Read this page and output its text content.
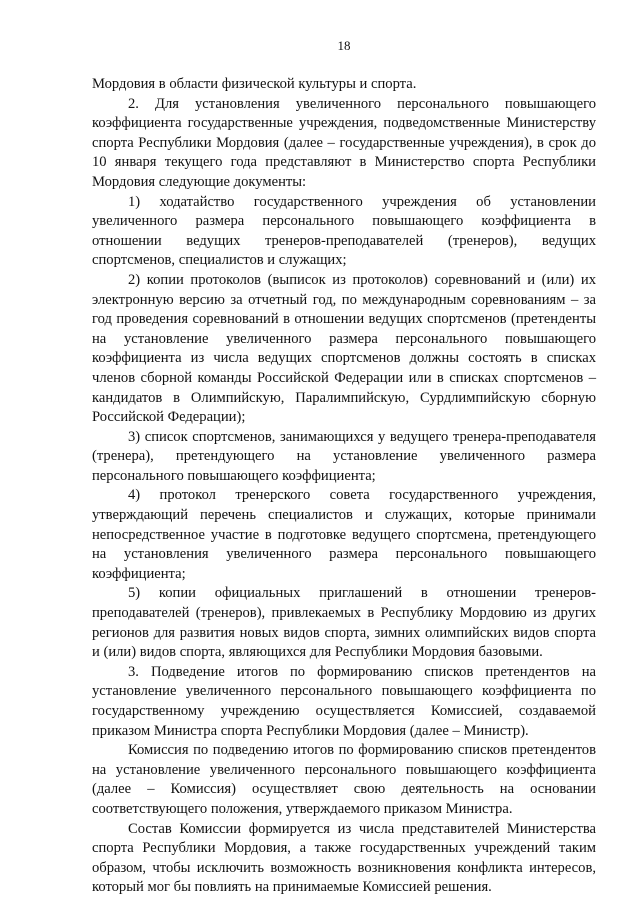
18

Мордовия в области физической культуры и спорта.

2. Для установления увеличенного персонального повышающего коэффициента государственные учреждения, подведомственные Министерству спорта Республики Мордовия (далее – государственные учреждения), в срок до 10 января текущего года представляют в Министерство спорта Республики Мордовия следующие документы:

1) ходатайство государственного учреждения об установлении увеличенного размера персонального повышающего коэффициента в отношении ведущих тренеров-преподавателей (тренеров), ведущих спортсменов, специалистов и служащих;

2) копии протоколов (выписок из протоколов) соревнований и (или) их электронную версию за отчетный год, по международным соревнованиям – за год проведения соревнований в отношении ведущих спортсменов (претенденты на установление увеличенного размера персонального повышающего коэффициента из числа ведущих спортсменов должны состоять в списках членов сборной команды Российской Федерации или в списках спортсменов – кандидатов в Олимпийскую, Паралимпийскую, Сурдлимпийскую сборную Российской Федерации);

3) список спортсменов, занимающихся у ведущего тренера-преподавателя (тренера), претендующего на установление увеличенного размера персонального повышающего коэффициента;

4) протокол тренерского совета государственного учреждения, утверждающий перечень специалистов и служащих, которые принимали непосредственное участие в подготовке ведущего спортсмена, претендующего на установления увеличенного размера персонального повышающего коэффициента;

5) копии официальных приглашений в отношении тренеров-преподавателей (тренеров), привлекаемых в Республику Мордовию из других регионов для развития новых видов спорта, зимних олимпийских видов спорта и (или) видов спорта, являющихся для Республики Мордовия базовыми.

3. Подведение итогов по формированию списков претендентов на установление увеличенного персонального повышающего коэффициента по государственному учреждению осуществляется Комиссией, создаваемой приказом Министра спорта Республики Мордовия (далее – Министр).

Комиссия по подведению итогов по формированию списков претендентов на установление увеличенного персонального повышающего коэффициента (далее – Комиссия) осуществляет свою деятельность на основании соответствующего положения, утверждаемого приказом Министра.

Состав Комиссии формируется из числа представителей Министерства спорта Республики Мордовия, а также государственных учреждений таким образом, чтобы исключить возможность возникновения конфликта интересов, который мог бы повлиять на принимаемые Комиссией решения.
